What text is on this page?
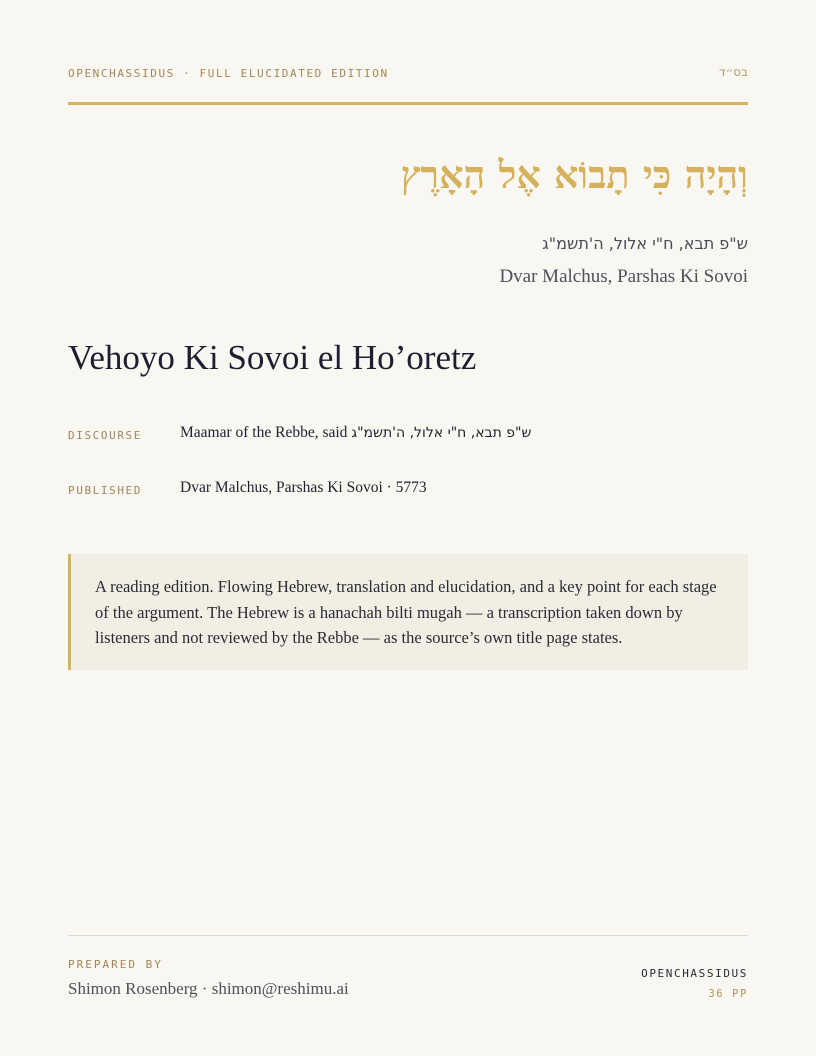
OPENCHASSIDUS · FULL ELUCIDATED EDITION	בס״ד
וְהָיָה כִּי תָבוֹא אֶל הָאָרֶץ
ש"פ תבא, ח"י אלול, ה'תשמ"ג
Dvar Malchus, Parshas Ki Sovoi
Vehoyo Ki Sovoi el Ho’oretz
DISCOURSE Maamar of the Rebbe, said ש"פ תבא, ח"י אלול, ה'תשמ"ג
PUBLISHED Dvar Malchus, Parshas Ki Sovoi · 5773
A reading edition. Flowing Hebrew, translation and elucidation, and a key point for each stage of the argument. The Hebrew is a hanachah bilti mugah — a transcription taken down by listeners and not reviewed by the Rebbe — as the source’s own title page states.
PREPARED BY
Shimon Rosenberg · shimon@reshimu.ai
OPENCHASSIDUS
36 PP
